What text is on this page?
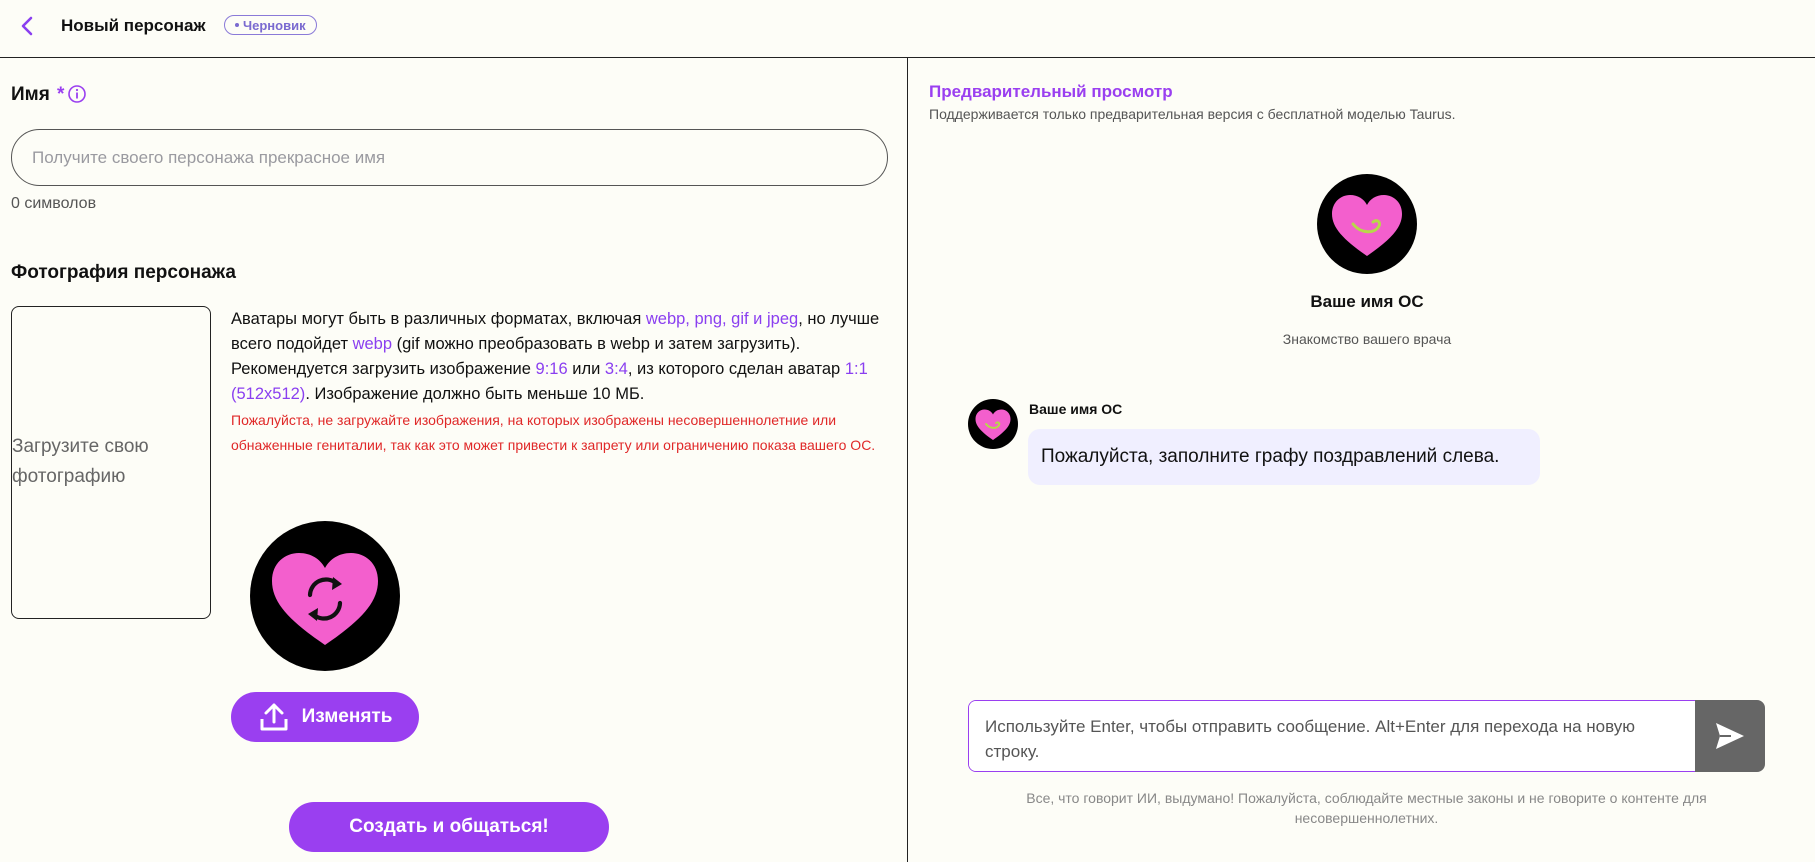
Новый персонаж	Черновик
Имя *
Получите своего персонажа прекрасное имя
0 символов
Фотография персонажа
Загрузите свою фотографию
Аватары могут быть в различных форматах, включая webp, png, gif и jpeg, но лучше всего подойдет webp (gif можно преобразовать в webp и затем загрузить). Рекомендуется загрузить изображение 9:16 или 3:4, из которого сделан аватар 1:1 (512x512). Изображение должно быть меньше 10 МБ.
Пожалуйста, не загружайте изображения, на которых изображены несовершеннолетние или обнаженные гениталии, так как это может привести к запрету или ограничению показа вашего ОС.
Изменять
Создать и общаться!
Предварительный просмотр
Поддерживается только предварительная версия с бесплатной моделью Taurus.
Ваше имя ОС
Знакомство вашего врача
Ваше имя ОС
Пожалуйста, заполните графу поздравлений слева.
Используйте Enter, чтобы отправить сообщение. Alt+Enter для перехода на новую строку.
Все, что говорит ИИ, выдумано! Пожалуйста, соблюдайте местные законы и не говорите о контенте для несовершеннолетних.
